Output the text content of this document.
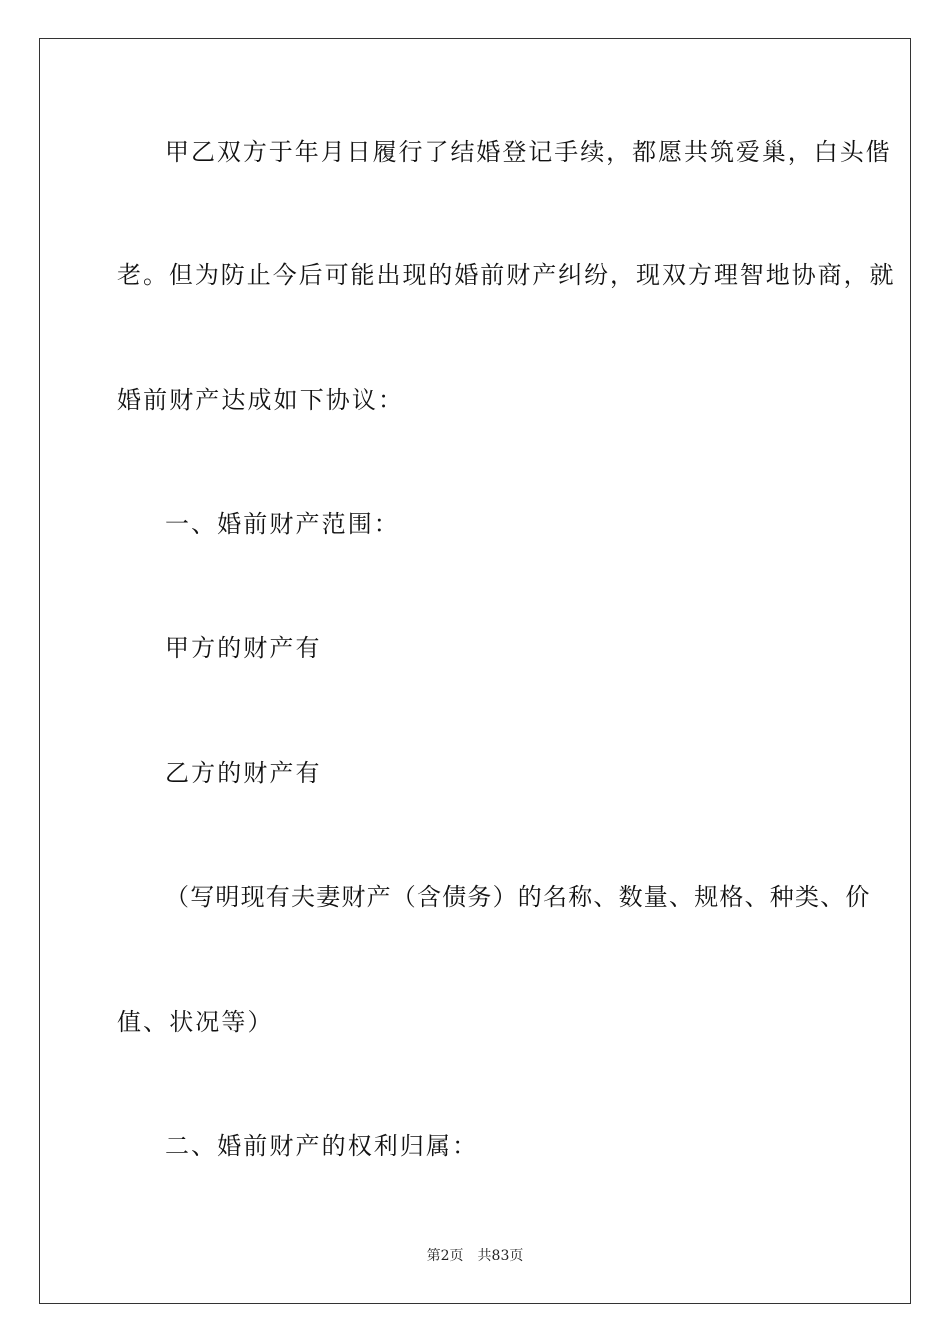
甲乙双方于年月日履行了结婚登记手续，都愿共筑爱巢，白头偕
老。但为防止今后可能出现的婚前财产纠纷，现双方理智地协商，就
婚前财产达成如下协议：
一、婚前财产范围：
甲方的财产有
乙方的财产有
（写明现有夫妻财产（含债务）的名称、数量、规格、种类、价
值、状况等）
二、婚前财产的权利归属：
第2页 共83页
